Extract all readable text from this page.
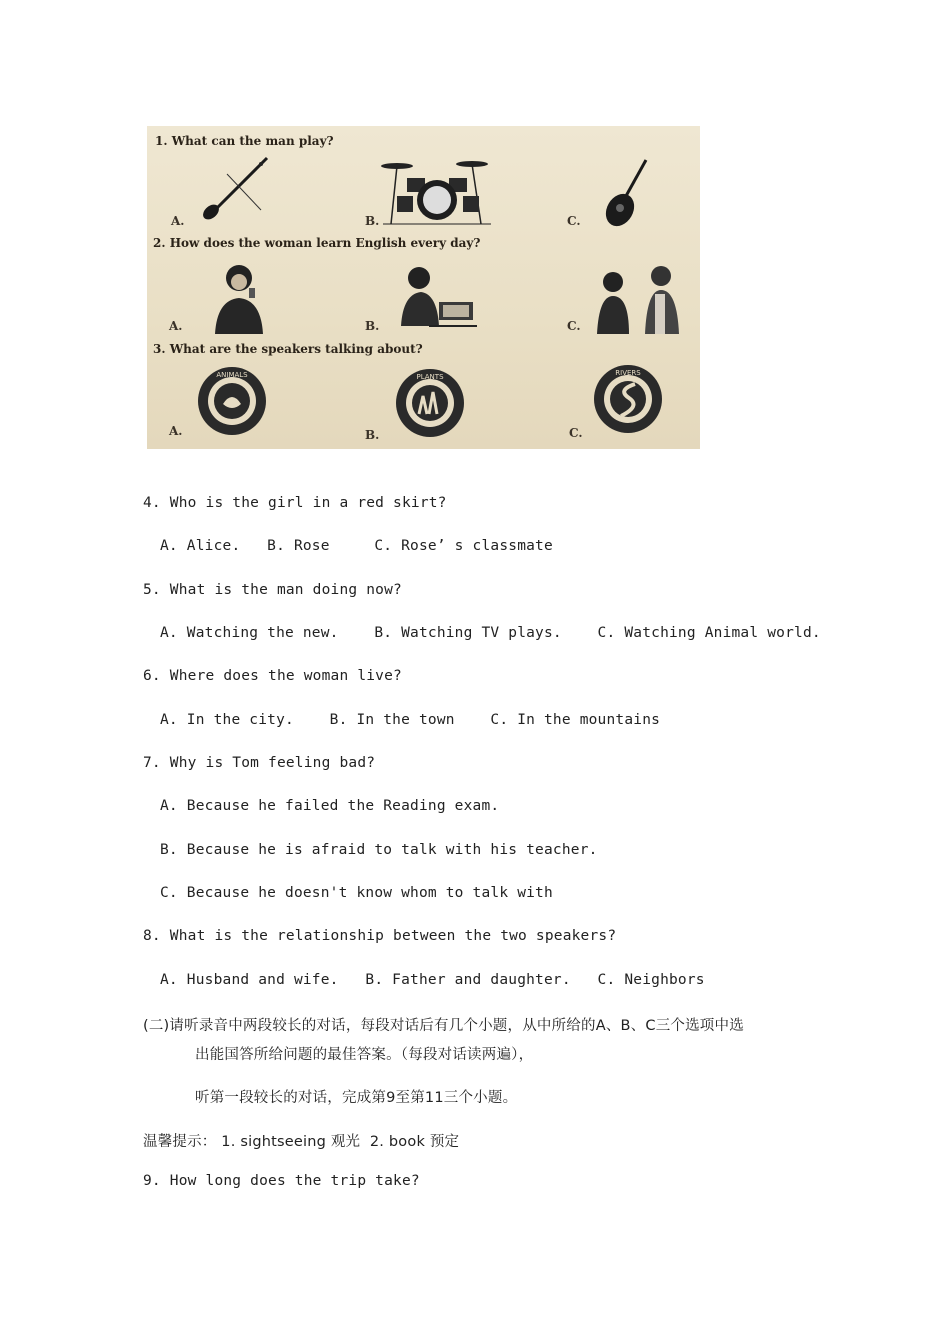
1. What can the man play?
2. How does the woman learn English every day?
3. What are the speakers talking about?
A.	B.	C.
A.	B.	C.
A.	B.	C.
ANIMALS	PLANTS	RIVERS
4. Who is the girl in a red skirt?
A. Alice.   B. Rose     C. Rose’ s classmate
5. What is the man doing now?
A. Watching the new.    B. Watching TV plays.    C. Watching Animal world.
6. Where does the woman live?
A. In the city.    B. In the town    C. In the mountains
7. Why is Tom feeling bad?
A. Because he failed the Reading exam.
B. Because he is afraid to talk with his teacher.
C. Because he doesn't know whom to talk with
8. What is the relationship between the two speakers?
A. Husband and wife.   B. Father and daughter.   C. Neighbors
(二)请听录音中两段较长的对话，每段对话后有几个小题，从中所给的A、B、C三个选项中选
出能国答所给问题的最佳答案。（每段对话读两遍），
听第一段较长的对话，完成第9至第11三个小题。
温馨提示： 1. sightseeing 观光  2. book 预定
9. How long does the trip take?
